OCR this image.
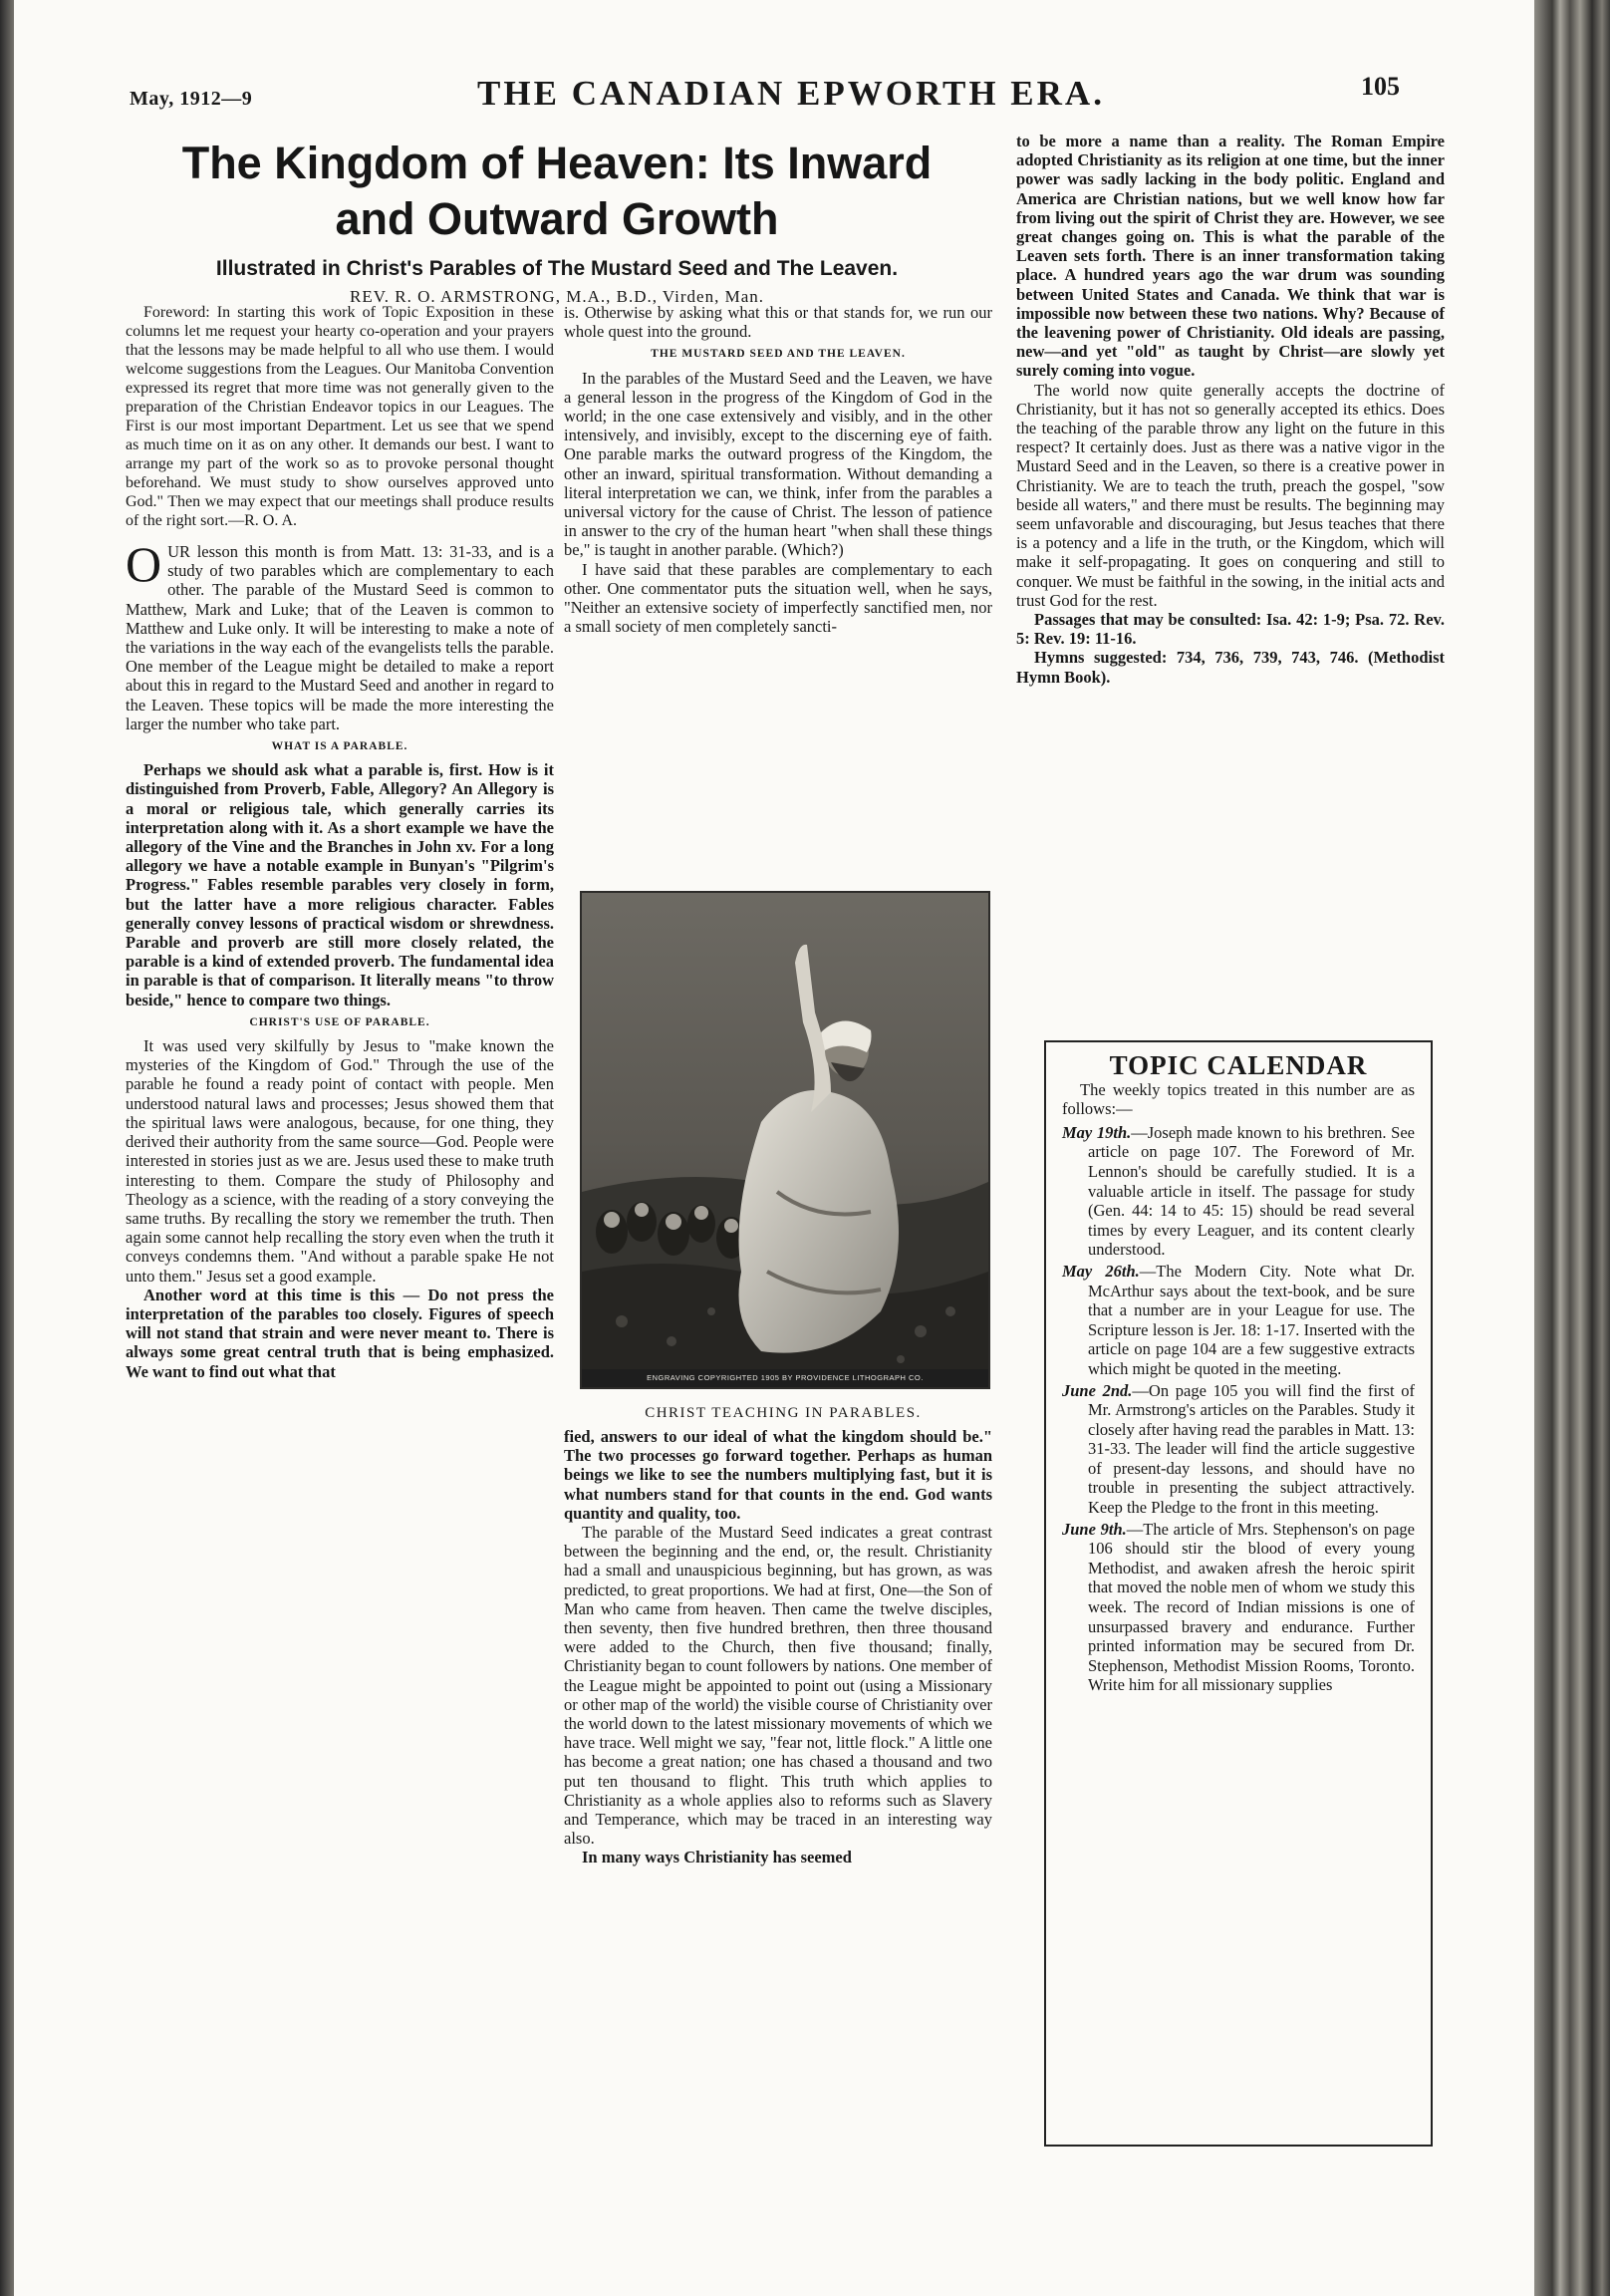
May, 1912—9	THE CANADIAN EPWORTH ERA.	105
The Kingdom of Heaven: Its Inward
and Outward Growth
Illustrated in Christ's Parables of The Mustard Seed and The Leaven.
REV. R. O. ARMSTRONG, M.A., B.D., Virden, Man.

Foreword: In starting this work of Topic Exposition in these columns let me request your hearty co-operation and your prayers that the lessons may be made helpful to all who use them. I would welcome suggestions from the Leagues. Our Manitoba Convention expressed its regret that more time was not generally given to the preparation of the Christian Endeavor topics in our Leagues. The First is our most important Department. Let us see that we spend as much time on it as on any other. It demands our best. I want to arrange my part of the work so as to provoke personal thought beforehand. We must study to show ourselves approved unto God." Then we may expect that our meetings shall produce results of the right sort.—R. O. A.

OUR lesson this month is from Matt. 13: 31-33, and is a study of two parables which are complementary to each other. The parable of the Mustard Seed is common to Matthew, Mark and Luke; that of the Leaven is common to Matthew and Luke only. It will be interesting to make a note of the variations in the way each of the evangelists tells the parable. One member of the League might be detailed to make a report about this in regard to the Mustard Seed and another in regard to the Leaven. These topics will be made the more interesting the larger the number who take part.

WHAT IS A PARABLE.

Perhaps we should ask what a parable is, first. How is it distinguished from Proverb, Fable, Allegory? An Allegory is a moral or religious tale, which generally carries its interpretation along with it. As a short example we have the allegory of the Vine and the Branches in John xv. For a long allegory we have a notable example in Bunyan's "Pilgrim's Progress." Fables resemble parables very closely in form, but the latter have a more religious character. Fables generally convey lessons of practical wisdom or shrewdness. Parable and proverb are still more closely related, the parable is a kind of extended proverb. The fundamental idea in parable is that of comparison. It literally means "to throw beside," hence to compare two things.

CHRIST'S USE OF PARABLE.

It was used very skilfully by Jesus to "make known the mysteries of the Kingdom of God." Through the use of the parable he found a ready point of contact with people. Men understood natural laws and processes; Jesus showed them that the spiritual laws were analogous, because, for one thing, they derived their authority from the same source—God. People were interested in stories just as we are. Jesus used these to make truth interesting to them. Compare the study of Philosophy and Theology as a science, with the reading of a story conveying the same truths. By recalling the story we remember the truth. Then again some cannot help recalling the story even when the truth it conveys condemns them. "And without a parable spake He not unto them." Jesus set a good example.

Another word at this time is this — Do not press the interpretation of the parables too closely. Figures of speech will not stand that strain and were never meant to. There is always some great central truth that is being emphasized. We want to find out what that

is. Otherwise by asking what this or that stands for, we run our whole quest into the ground.

THE MUSTARD SEED AND THE LEAVEN.

In the parables of the Mustard Seed and the Leaven, we have a general lesson in the progress of the Kingdom of God in the world; in the one case extensively and visibly, and in the other intensively, and invisibly, except to the discerning eye of faith. One parable marks the outward progress of the Kingdom, the other an inward, spiritual transformation. Without demanding a literal interpretation we can, we think, infer from the parables a universal victory for the cause of Christ. The lesson of patience in answer to the cry of the human heart "when shall these things be," is taught in another parable. (Which?)

I have said that these parables are complementary to each other. One commentator puts the situation well, when he says, "Neither an extensive society of imperfectly sanctified men, nor a small society of men completely sancti-

ENGRAVING COPYRIGHTED 1905 BY PROVIDENCE LITHOGRAPH CO.
CHRIST TEACHING IN PARABLES.

fied, answers to our ideal of what the kingdom should be." The two processes go forward together. Perhaps as human beings we like to see the numbers multiplying fast, but it is what numbers stand for that counts in the end. God wants quantity and quality, too.

The parable of the Mustard Seed indicates a great contrast between the beginning and the end, or, the result. Christianity had a small and unauspicious beginning, but has grown, as was predicted, to great proportions. We had at first, One—the Son of Man who came from heaven. Then came the twelve disciples, then seventy, then five hundred brethren, then three thousand were added to the Church, then five thousand; finally, Christianity began to count followers by nations. One member of the League might be appointed to point out (using a Missionary or other map of the world) the visible course of Christianity over the world down to the latest missionary movements of which we have trace. Well might we say, "fear not, little flock." A little one has become a great nation; one has chased a thousand and two put ten thousand to flight. This truth which applies to Christianity as a whole applies also to reforms such as Slavery and Temperance, which may be traced in an interesting way also.

In many ways Christianity has seemed

to be more a name than a reality. The Roman Empire adopted Christianity as its religion at one time, but the inner power was sadly lacking in the body politic. England and America are Christian nations, but we well know how far from living out the spirit of Christ they are. However, we see great changes going on. This is what the parable of the Leaven sets forth. There is an inner transformation taking place. A hundred years ago the war drum was sounding between United States and Canada. We think that war is impossible now between these two nations. Why? Because of the leavening power of Christianity. Old ideals are passing, new—and yet "old" as taught by Christ—are slowly yet surely coming into vogue.

The world now quite generally accepts the doctrine of Christianity, but it has not so generally accepted its ethics. Does the teaching of the parable throw any light on the future in this respect? It certainly does. Just as there was a native vigor in the Mustard Seed and in the Leaven, so there is a creative power in Christianity. We are to teach the truth, preach the gospel, "sow beside all waters," and there must be results. The beginning may seem unfavorable and discouraging, but Jesus teaches that there is a potency and a life in the truth, or the Kingdom, which will make it self-propagating. It goes on conquering and still to conquer. We must be faithful in the sowing, in the initial acts and trust God for the rest.

Passages that may be consulted: Isa. 42: 1-9; Psa. 72. Rev. 5: Rev. 19: 11-16.

Hymns suggested: 734, 736, 739, 743, 746. (Methodist Hymn Book).

TOPIC CALENDAR

The weekly topics treated in this number are as follows:—

May 19th.—Joseph made known to his brethren. See article on page 107. The Foreword of Mr. Lennon's should be carefully studied. It is a valuable article in itself. The passage for study (Gen. 44: 14 to 45: 15) should be read several times by every Leaguer, and its content clearly understood.

May 26th.—The Modern City. Note what Dr. McArthur says about the text-book, and be sure that a number are in your League for use. The Scripture lesson is Jer. 18: 1-17. Inserted with the article on page 104 are a few suggestive extracts which might be quoted in the meeting.

June 2nd.—On page 105 you will find the first of Mr. Armstrong's articles on the Parables. Study it closely after having read the parables in Matt. 13: 31-33. The leader will find the article suggestive of present-day lessons, and should have no trouble in presenting the subject attractively. Keep the Pledge to the front in this meeting.

June 9th.—The article of Mrs. Stephenson's on page 106 should stir the blood of every young Methodist, and awaken afresh the heroic spirit that moved the noble men of whom we study this week. The record of Indian missions is one of unsurpassed bravery and endurance. Further printed information may be secured from Dr. Stephenson, Methodist Mission Rooms, Toronto. Write him for all missionary supplies
